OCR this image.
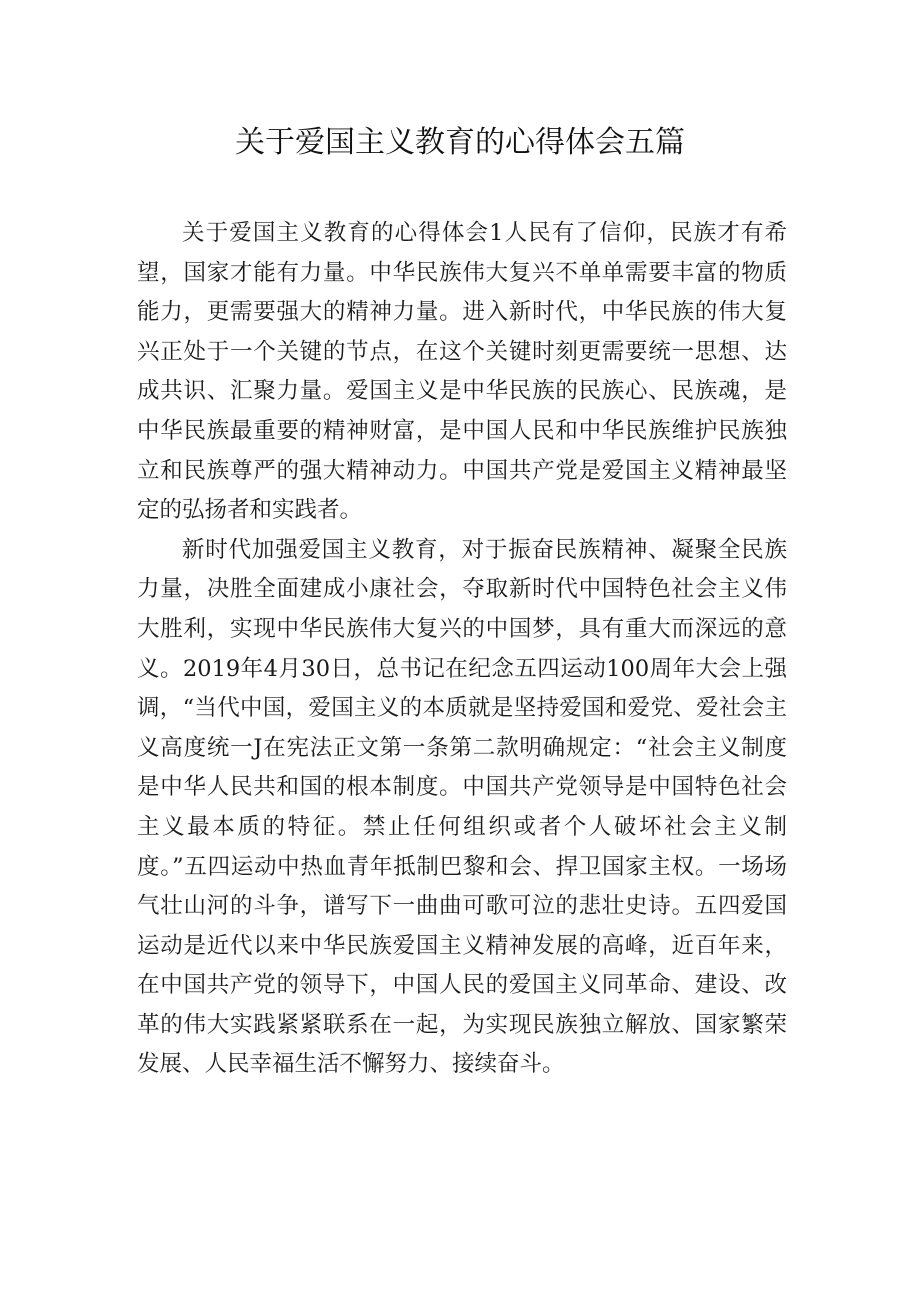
关于爱国主义教育的心得体会五篇

关于爱国主义教育的心得体会1人民有了信仰，民族才有希望，国家才能有力量。中华民族伟大复兴不单单需要丰富的物质能力，更需要强大的精神力量。进入新时代，中华民族的伟大复兴正处于一个关键的节点，在这个关键时刻更需要统一思想、达成共识、汇聚力量。爱国主义是中华民族的民族心、民族魂，是中华民族最重要的精神财富，是中国人民和中华民族维护民族独立和民族尊严的强大精神动力。中国共产党是爱国主义精神最坚定的弘扬者和实践者。

新时代加强爱国主义教育，对于振奋民族精神、凝聚全民族力量，决胜全面建成小康社会，夺取新时代中国特色社会主义伟大胜利，实现中华民族伟大复兴的中国梦，具有重大而深远的意义。2019年4月30日，总书记在纪念五四运动100周年大会上强调，“当代中国，爱国主义的本质就是坚持爱国和爱党、爱社会主义高度统一J在宪法正文第一条第二款明确规定：“社会主义制度是中华人民共和国的根本制度。中国共产党领导是中国特色社会主义最本质的特征。禁止任何组织或者个人破坏社会主义制度。”五四运动中热血青年抵制巴黎和会、捍卫国家主权。一场场气壮山河的斗争，谱写下一曲曲可歌可泣的悲壮史诗。五四爱国运动是近代以来中华民族爱国主义精神发展的高峰，近百年来，在中国共产党的领导下，中国人民的爱国主义同革命、建设、改革的伟大实践紧紧联系在一起，为实现民族独立解放、国家繁荣发展、人民幸福生活不懈努力、接续奋斗。
